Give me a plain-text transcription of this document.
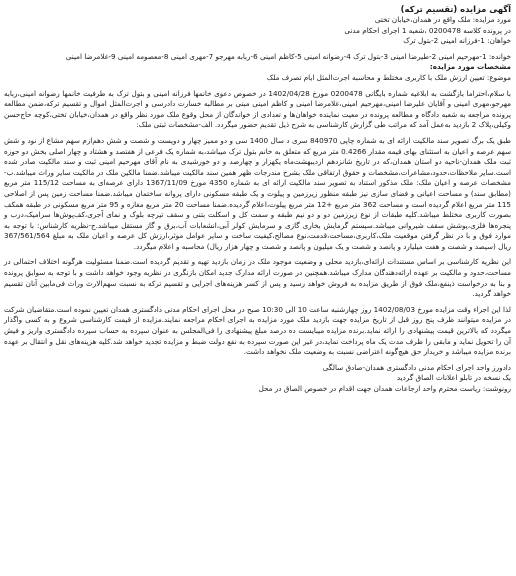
آگهی مزایده (تقسیم ترکه)
مورد مزایده: ملک واقع در همدان،خیابان تختی
در پرونده کلاسه 0200478 ،شعبه 1 اجرای احکام مدنی
خواهان: 1-فرزانه امینی 2-بتول ترک
خوانده: 1-مهرحیم امینی 2-طیرضا امینی 3-بتول ترک 4-رضوانه امینی 5-کاظم امینی 6-ربابه مهرجو 7-مهری امینی 8-معصومه امینی 9-غلامرضا امینی
مشخصات مورد مزایده:
موضوع: تعیین ارزش ملک با کاربری مختلط و محاسبه اجرت‌المثل ایام تصرف ملک
با سلام،احتراما بازگشت به ابلاغیه شماره بایگانی 0200478 مورخ 1402/04/28 در خصوص دعوی خانمها فرزانه امینی و بتول ترک به طرفیت خانمها رضوانه امینی،ربابه مهرجو،مهری امینی و آقایان علیرضا امینی،مهرحیم امینی،غلامرضا امینی و کاظم امینی مبنی بر مطالبه خسارت دادرسی و اجرت‌المثل اموال و تقسیم ترکه،ضمن مطالعه پرونده مراجعه به شعبه دادگاه و مطالعه پرونده در معیت نماینده خواهان‌ها و تعدادی از خواندگان از محل وقوع ملک مورد نظر واقع در همدان،خیابان تختی،کوچه حاج‌حسن وکیلی،پلاک 2 بازدید به‌عمل آمد که مراتب طی گزارش کارشناسی به شرح ذیل تقدیم حضور میگردد. الف-مشخصات ثبتی ملک:
طبق یک برگ تصویر سند مالکیت ارائه ای به شماره چاپی 840970 سری د سال 1400 سی و دو ممیز چهار و دویست و شصت و شش دهم‌ازم سهم مشاع از نود و شش سهم عرصه و اعیان به استثنای بهای قیمه مقدار 0.4266 متر مربع که متعلق به خانم بتول ترک میباشد،به شماره یک فرعی از هفتصد و هشتاد و چهار اصلی بخش دو حوزه ثبت ملک همدان-ناحیه دو استان همدان،که در تاریخ شانزدهم اردیبهشت‌ماه یکهزار و چهارصد و دو خورشیدی به نام آقای مهرحیم امینی ثبت و سند مالکیت صادر شده است.سایر ملاحظات،حدود،مشاعرات،مشخصات و حقوق ارتفاقی ملک بشرح مندرجات ظهر همین سند مالکیت میباشد.ضمنا مالکین ملک در مالکیت سایر وراث میباشد.ب-مشخصات عرصه و اعیان ملک: ملک مذکور استناد به تصویر سند مالکیت ارائه ای به شماره 4350 مورخ 1367/11/09 دارای عرصه‌ای به مساحت 115/12 متر مربع (مطابق سند) و مساحت اعیانی و فضای سازی نیز طبقه منظور زیرزمین و پیلوت و یک طبقه مسکونی دارای پروانه ساختمان میباشد.ضمنا مساحت زمین پس از اصلاحی 115 متر مربع اعلام گردیده است و مساحت 362 متر مربع +12 متر مربع پیلوت،اعلام گردیده.ضمنا مساحت 20 متر مربع مغازه و 95 متر مربع مسکونی در طبقه همکف بصورت کاربری مختلط میباشد.کلیه طبقات از نوع زیرزمین دو و دو نیم طبقه و سمت کل و اسکلت بتنی و سقف تیرچه بلوک و نمای آجری،کف‌پوش‌ها سرامیک،درب و پنجره‌ها فلزی،پوشش سقف شیروانی میباشد.سیستم گرمایش بخاری گازی و سرمایش کولر آبی،انشعابات آب،برق و گاز مستقل میباشد.ج-نظریه کارشناس: با توجه به موارد فوق و با در نظر گرفتن موقعیت ملک،کاربری،مساحت،قدمت،نوع مصالح،کیفیت ساخت و سایر عوامل موثر،ارزش کل عرصه و اعیان ملک به مبلغ 367/561/564 ریال (سیصد و شصت و هفت میلیارد و پانصد و شصت و یک میلیون و پانصد و شصت و چهار هزار ریال) محاسبه و اعلام میگردد.
این نظریه کارشناسی بر اساس مستندات ارائه‌ای،بازدید محلی و وضعیت موجود ملک در زمان بازدید تهیه و تقدیم گردیده است.ضمنا مسئولیت هرگونه اختلاف احتمالی در مساحت،حدود و مالکیت بر عهده ارائه‌دهندگان مدارک میباشد.همچنین در صورت ارائه مدارک جدید امکان بازنگری در نظریه وجود خواهد داشت و با توجه به سوابق پرونده و بنا به درخواست ذینفع،ملک فوق از طریق مزایده به فروش خواهد رسید و پس از کسر هزینه‌های اجرایی و تقسیم ترکه به نسبت سهم‌الارث وراث فی‌مابین آنان تقسیم خواهد گردید.
لذا این اجراء وقت مزایده مورخ 1402/08/03 روز چهارشنبه ساعت 10 الی 10:30 صبح در محل اجرای احکام مدنی دادگستری همدان تعیین نموده است.متقاضیان شرکت در مزایده میتوانند ظرف پنج روز قبل از تاریخ مزایده جهت بازدید ملک مورد مزایده به اجرای احکام مراجعه نمایند.مزایده از قیمت کارشناسی شروع و به کسی واگذار میگردد که بالاترین قیمت پیشنهادی را ارائه نماید.برنده مزایده میبایست ده درصد مبلغ پیشنهادی را فی‌المجلس به عنوان سپرده به حساب سپرده دادگستری واریز و فیش آن را تحویل نماید و مابقی را ظرف مدت یک ماه پرداخت نماید،در غیر این صورت سپرده به نفع دولت ضبط و مزایده تجدید خواهد شد.کلیه هزینه‌های نقل و انتقال بر عهده برنده مزایده میباشد و خریدار حق هیچ‌گونه اعتراضی نسبت به وضعیت ملک نخواهد داشت.
دادورز واحد اجرای احکام مدنی دادگستری همدان-صادق سالگی
یک نسخه در تابلو اعلانات الصاق گردید
رونوشت: ریاست محترم واحد ارجاعات همدان جهت اقدام در خصوص الصاق در محل
